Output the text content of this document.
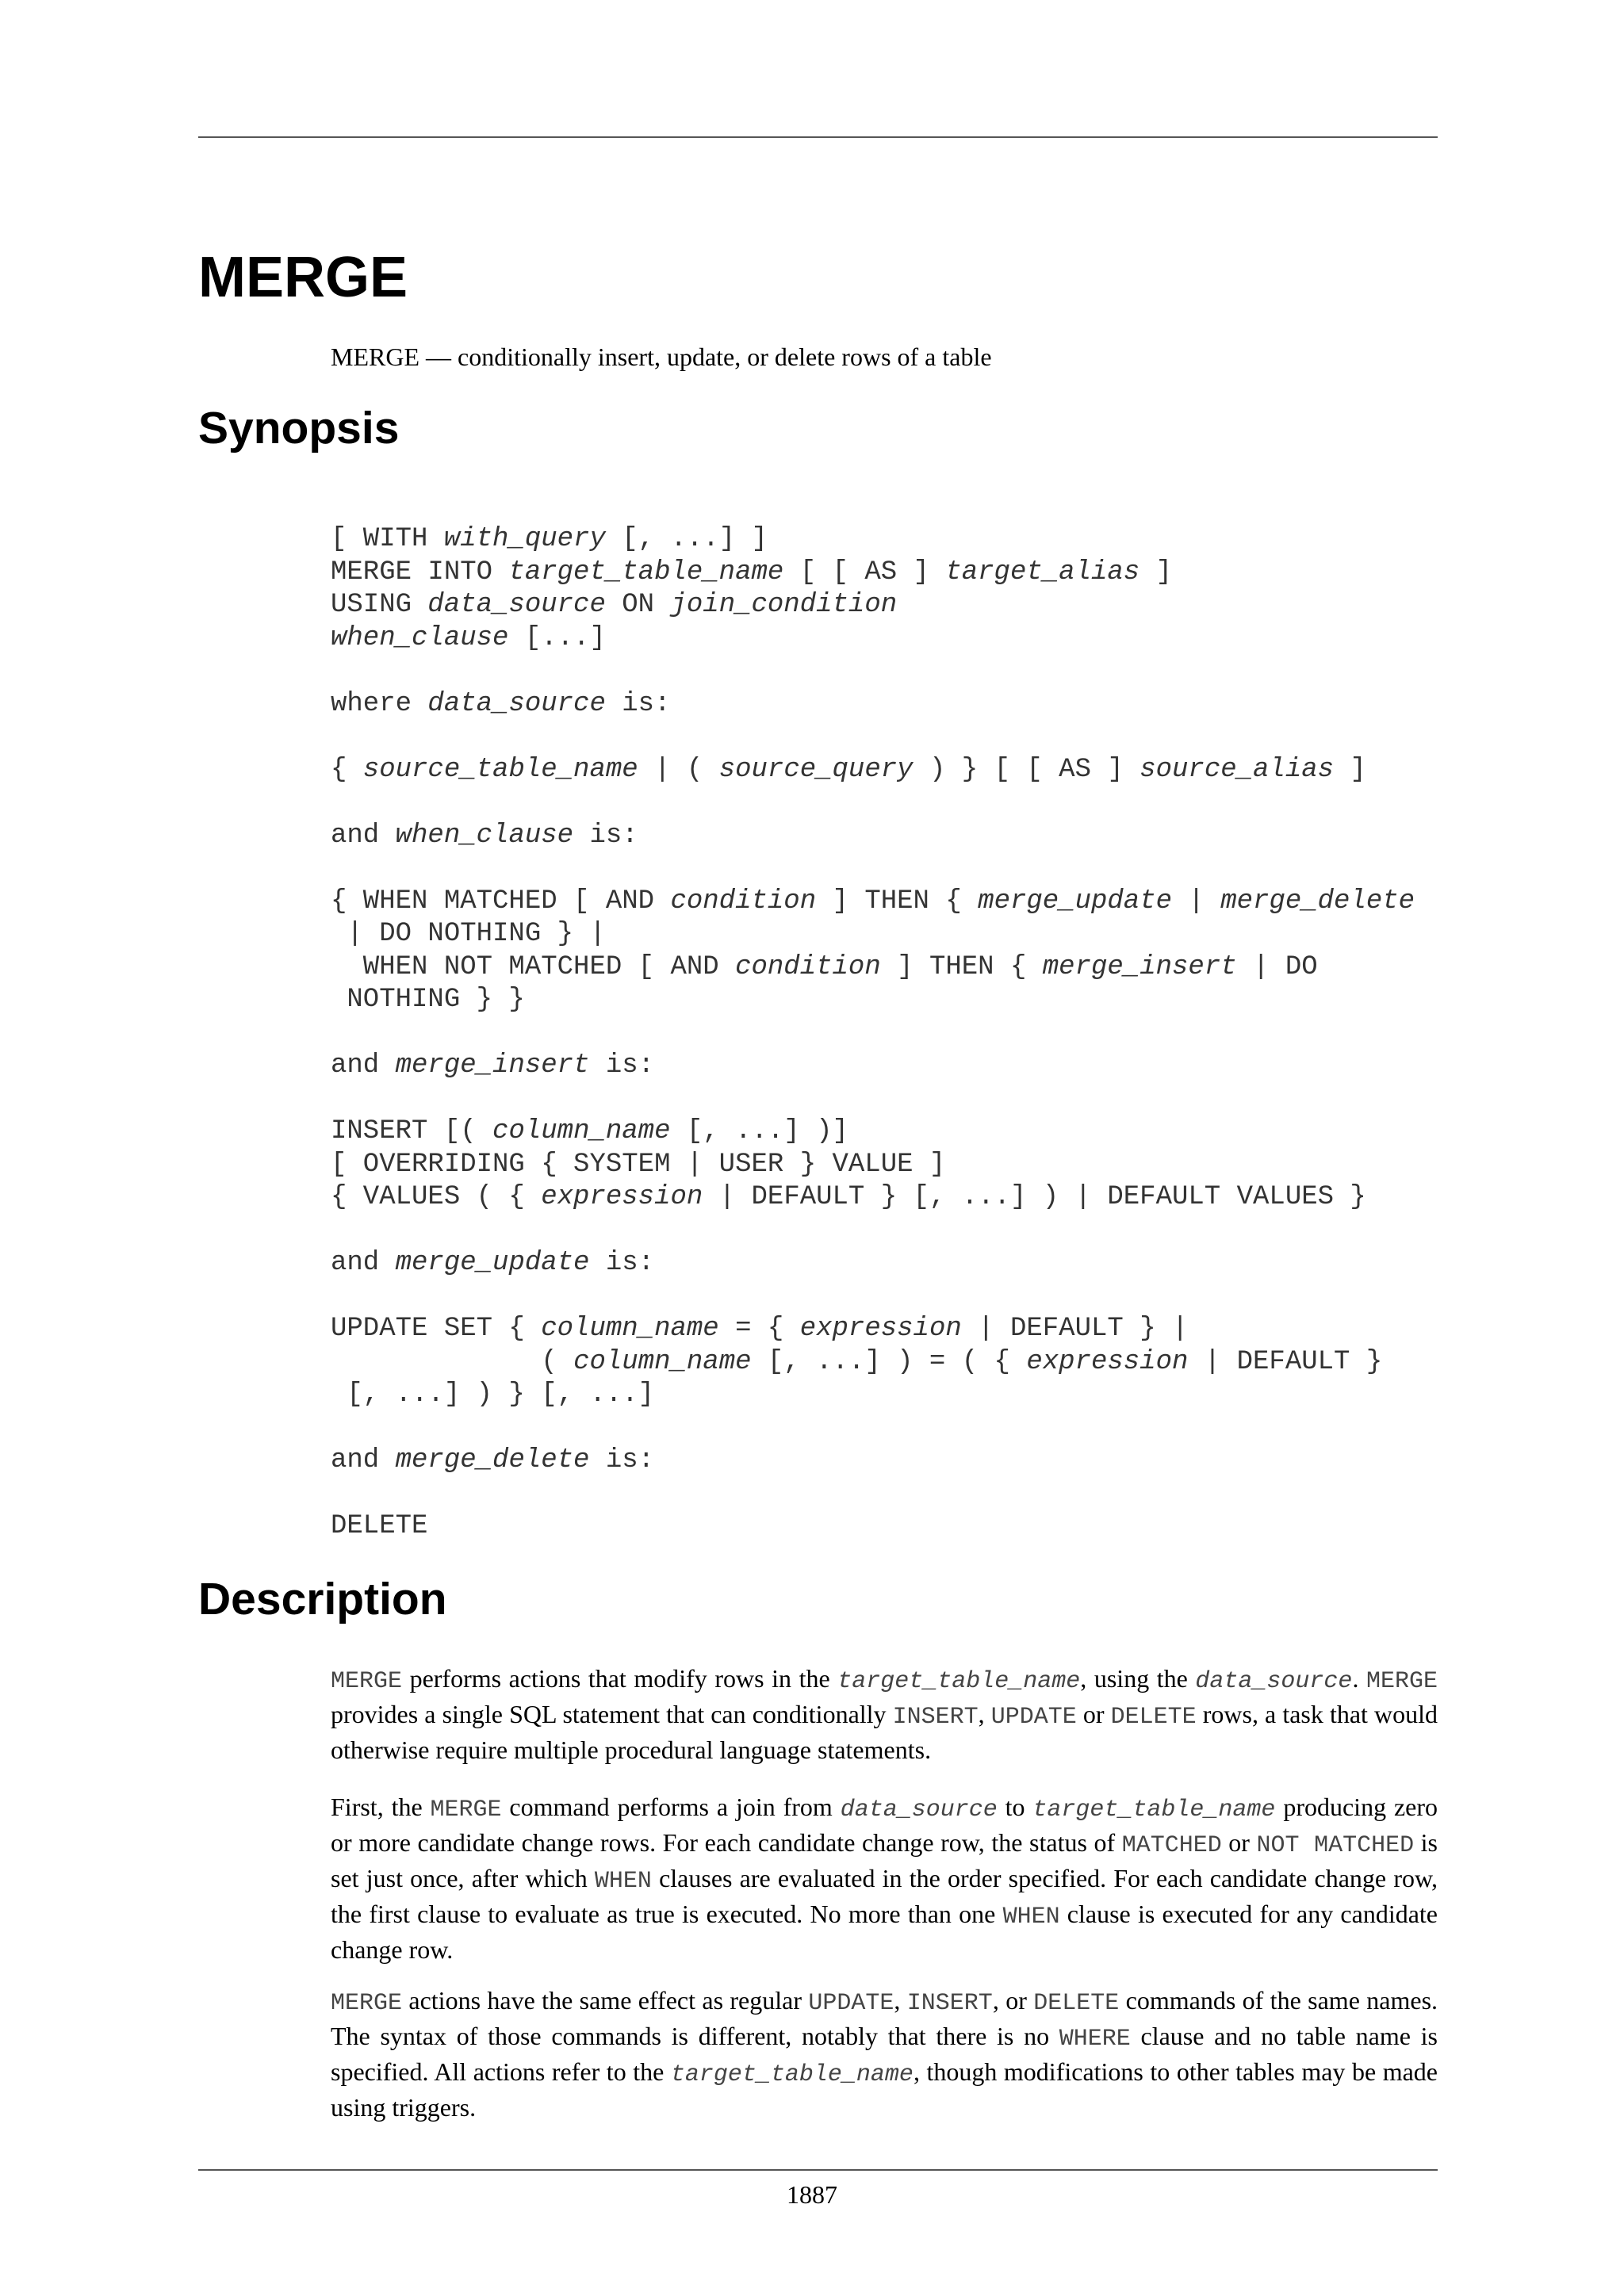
MERGE
MERGE — conditionally insert, update, or delete rows of a table
Synopsis
[ WITH with_query [, ...] ]
MERGE INTO target_table_name [ [ AS ] target_alias ]
USING data_source ON join_condition
when_clause [...]
where data_source is:
{ source_table_name | ( source_query ) } [ [ AS ] source_alias ]
and when_clause is:
{ WHEN MATCHED [ AND condition ] THEN { merge_update | merge_delete
| DO NOTHING } |
WHEN NOT MATCHED [ AND condition ] THEN { merge_insert | DO
NOTHING } }
and merge_insert is:
INSERT [( column_name [, ...] )]
[ OVERRIDING { SYSTEM | USER } VALUE ]
{ VALUES ( { expression | DEFAULT } [, ...] ) | DEFAULT VALUES }
and merge_update is:
UPDATE SET { column_name = { expression | DEFAULT } |
( column_name [, ...] ) = ( { expression | DEFAULT }
[, ...] ) } [, ...]
and merge_delete is:
DELETE
Description

MERGE performs actions that modify rows in the target_table_name, using the data_source. MERGE provides a single SQL statement that can conditionally INSERT, UPDATE or DELETE rows, a task that would otherwise require multiple procedural language statements.

First, the MERGE command performs a join from data_source to target_table_name producing zero or more candidate change rows. For each candidate change row, the status of MATCHED or NOT MATCHED is set just once, after which WHEN clauses are evaluated in the order specified. For each candidate change row, the first clause to evaluate as true is executed. No more than one WHEN clause is executed for any candidate change row.

MERGE actions have the same effect as regular UPDATE, INSERT, or DELETE commands of the same names. The syntax of those commands is different, notably that there is no WHERE clause and no table name is specified. All actions refer to the target_table_name, though modifications to other tables may be made using triggers.

1887
